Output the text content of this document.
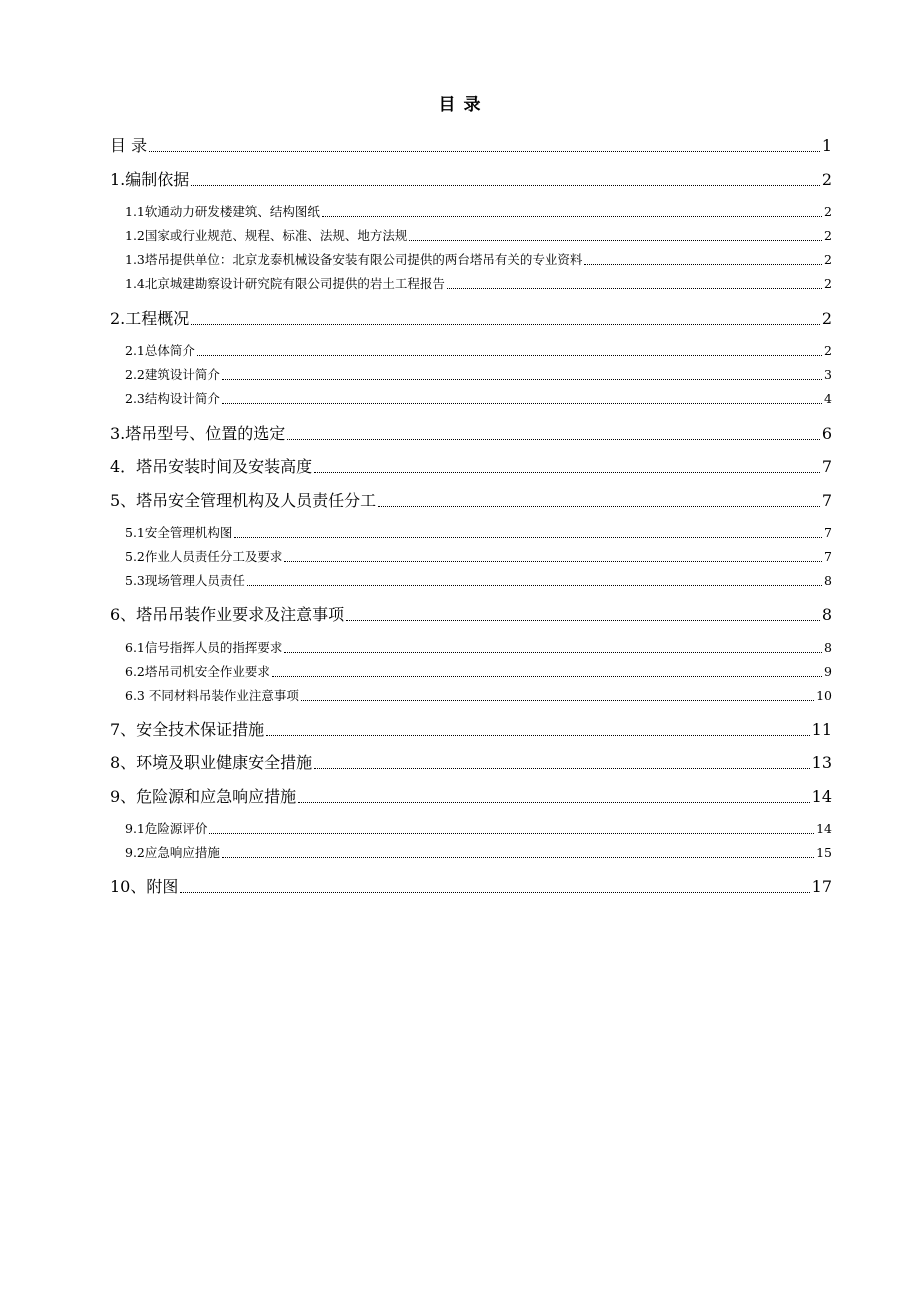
目 录
目 录	1
1.编制依据	2
1.1软通动力研发楼建筑、结构图纸	2
1.2国家或行业规范、规程、标准、法规、地方法规	2
1.3塔吊提供单位：北京龙泰机械设备安装有限公司提供的两台塔吊有关的专业资料	2
1.4北京城建勘察设计研究院有限公司提供的岩土工程报告	2
2.工程概况	2
2.1总体简介	2
2.2建筑设计简介	3
2.3结构设计简介	4
3.塔吊型号、位置的选定	6
4．塔吊安装时间及安装高度	7
5、塔吊安全管理机构及人员责任分工	7
5.1安全管理机构图	7
5.2作业人员责任分工及要求	7
5.3现场管理人员责任	8
6、塔吊吊装作业要求及注意事项	8
6.1信号指挥人员的指挥要求	8
6.2塔吊司机安全作业要求	9
6.3 不同材料吊装作业注意事项	10
7、安全技术保证措施	11
8、环境及职业健康安全措施	13
9、危险源和应急响应措施	14
9.1危险源评价	14
9.2应急响应措施	15
10、附图	17
